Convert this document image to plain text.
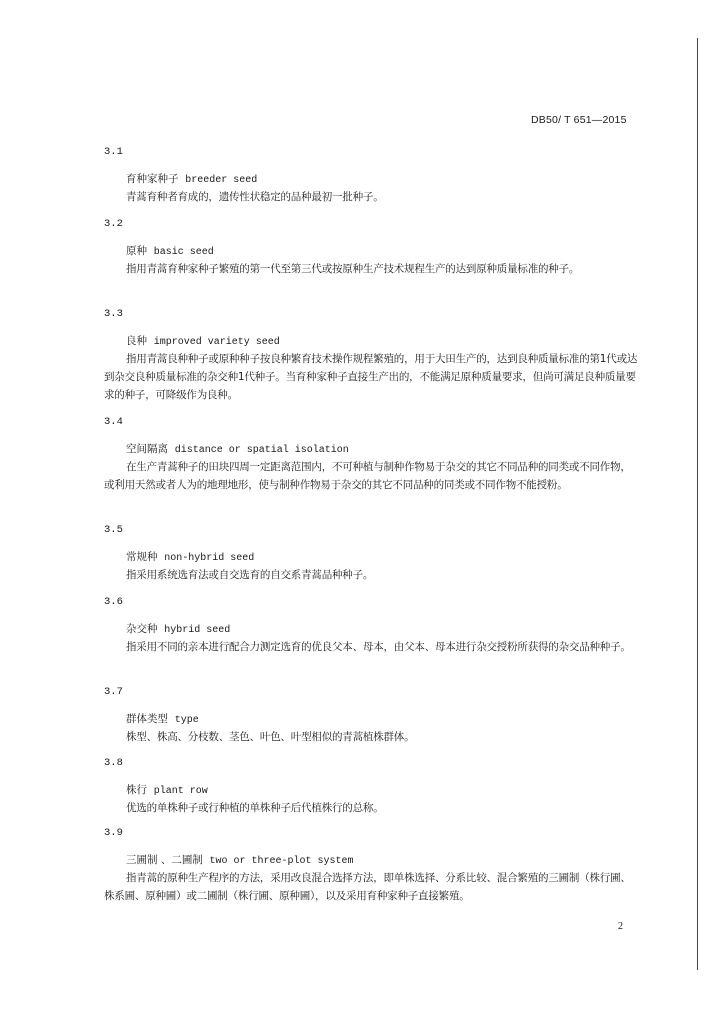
DB50/ T 651—2015
3.1
育种家种子 breeder seed

青蒿育种者育成的，遗传性状稳定的品种最初一批种子。

3.2
原种 basic seed

指用青蒿育种家种子繁殖的第一代至第三代或按原种生产技术规程生产的达到原种质量标准的种子。

3.3
良种 improved variety seed

指用青蒿良种种子或原种种子按良种繁育技术操作规程繁殖的，用于大田生产的，达到良种质量标准的第1代或达到杂交良种质量标准的杂交种1代种子。当育种家种子直接生产出的，不能满足原种质量要求，但尚可满足良种质量要求的种子，可降级作为良种。

3.4
空间隔离 distance or spatial isolation

在生产青蒿种子的田块四周一定距离范围内，不可种植与制种作物易于杂交的其它不同品种的同类或不同作物，或利用天然或者人为的地理地形，使与制种作物易于杂交的其它不同品种的同类或不同作物不能授粉。

3.5
常规种 non-hybrid seed

指采用系统选育法或自交选育的自交系青蒿品种种子。

3.6
杂交种 hybrid seed

指采用不同的亲本进行配合力测定选育的优良父本、母本，由父本、母本进行杂交授粉所获得的杂交品种种子。

3.7
群体类型 type

株型、株高、分枝数、茎色、叶色、叶型相似的青蒿植株群体。

3.8
株行 plant row

优选的单株种子或行种植的单株种子后代植株行的总称。

3.9
三圃制 、二圃制 two or three-plot system

指青蒿的原种生产程序的方法，采用改良混合选择方法，即单株选择、分系比较、混合繁殖的三圃制（株行圃、株系圃、原种圃）或二圃制（株行圃、原种圃），以及采用育种家种子直接繁殖。

2
